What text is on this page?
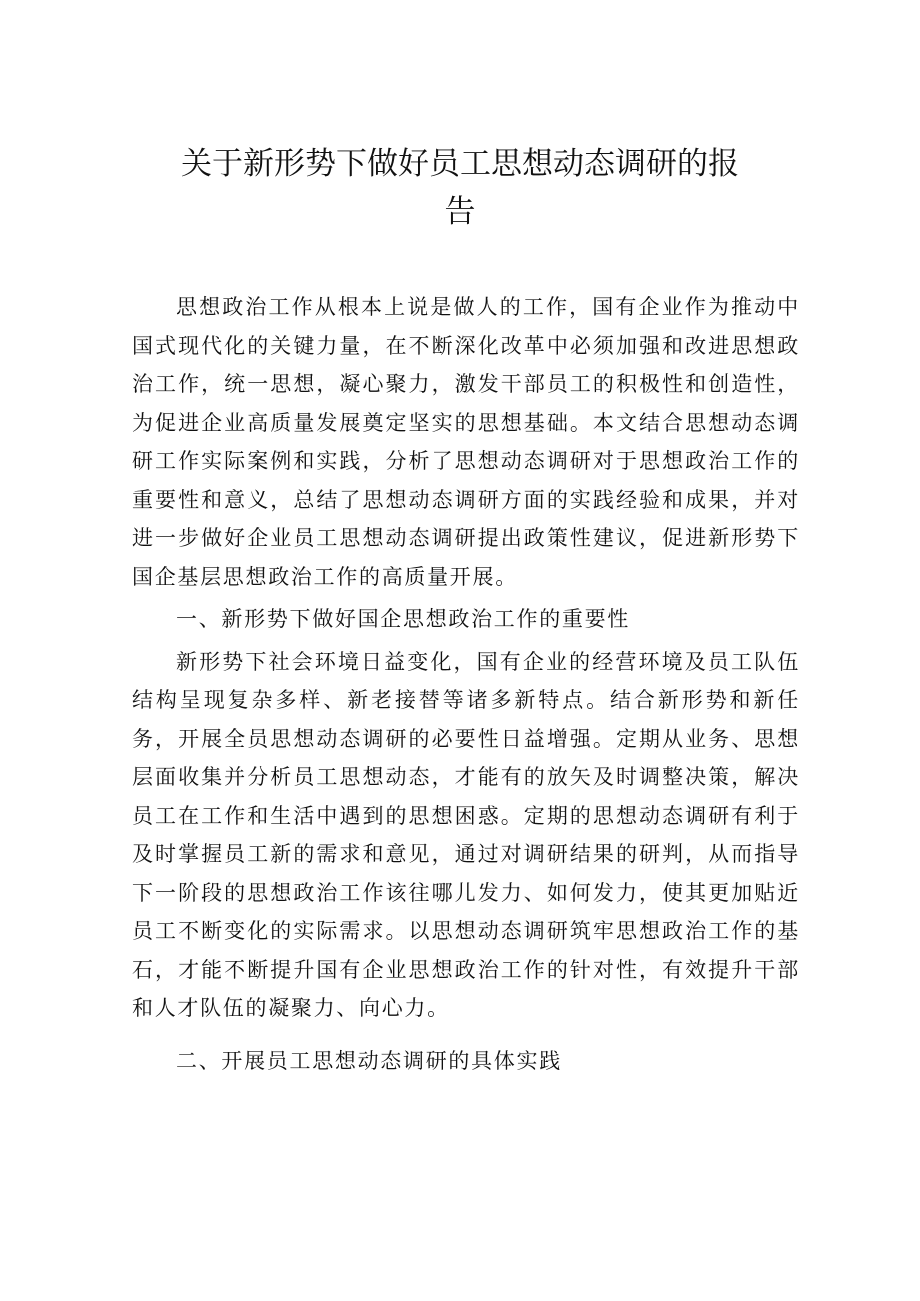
关于新形势下做好员工思想动态调研的报
告

思想政治工作从根本上说是做人的工作，国有企业作为推动中国式现代化的关键力量，在不断深化改革中必须加强和改进思想政治工作，统一思想，凝心聚力，激发干部员工的积极性和创造性，为促进企业高质量发展奠定坚实的思想基础。本文结合思想动态调研工作实际案例和实践，分析了思想动态调研对于思想政治工作的重要性和意义，总结了思想动态调研方面的实践经验和成果，并对进一步做好企业员工思想动态调研提出政策性建议，促进新形势下国企基层思想政治工作的高质量开展。

一、新形势下做好国企思想政治工作的重要性

新形势下社会环境日益变化，国有企业的经营环境及员工队伍结构呈现复杂多样、新老接替等诸多新特点。结合新形势和新任务，开展全员思想动态调研的必要性日益增强。定期从业务、思想层面收集并分析员工思想动态，才能有的放矢及时调整决策，解决员工在工作和生活中遇到的思想困惑。定期的思想动态调研有利于及时掌握员工新的需求和意见，通过对调研结果的研判，从而指导下一阶段的思想政治工作该往哪儿发力、如何发力，使其更加贴近员工不断变化的实际需求。以思想动态调研筑牢思想政治工作的基石，才能不断提升国有企业思想政治工作的针对性，有效提升干部和人才队伍的凝聚力、向心力。

二、开展员工思想动态调研的具体实践
